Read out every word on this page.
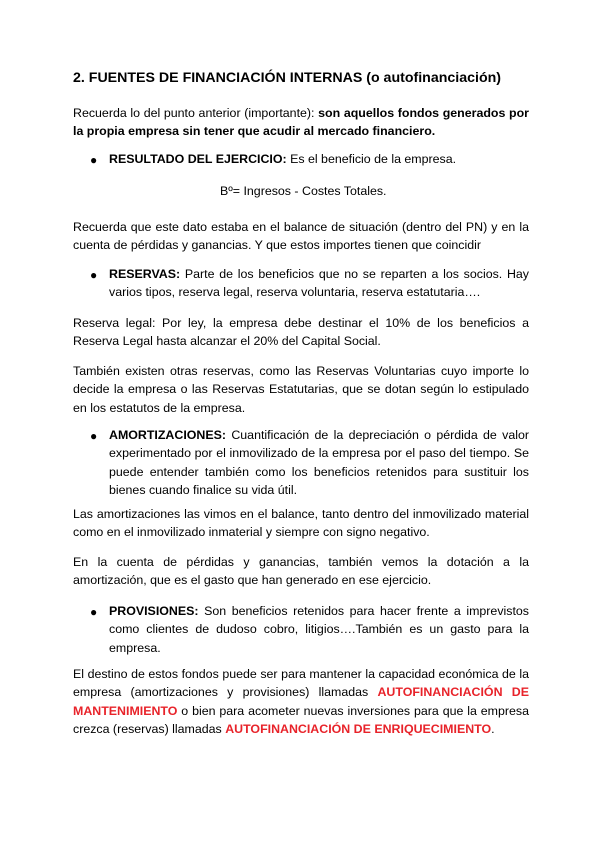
2. FUENTES DE FINANCIACIÓN INTERNAS (o autofinanciación)
Recuerda lo del punto anterior (importante): son aquellos fondos generados por la propia empresa sin tener que acudir al mercado financiero.
● RESULTADO DEL EJERCICIO: Es el beneficio de la empresa.
Bº= Ingresos - Costes Totales.
Recuerda que este dato estaba en el balance de situación (dentro del PN) y en la cuenta de pérdidas y ganancias. Y que estos importes tienen que coincidir
● RESERVAS: Parte de los beneficios que no se reparten a los socios. Hay varios tipos, reserva legal, reserva voluntaria, reserva estatutaria….
Reserva legal: Por ley, la empresa debe destinar el 10% de los beneficios a Reserva Legal hasta alcanzar el 20% del Capital Social.
También existen otras reservas, como las Reservas Voluntarias cuyo importe lo decide la empresa o las Reservas Estatutarias, que se dotan según lo estipulado en los estatutos de la empresa.
● AMORTIZACIONES: Cuantificación de la depreciación o pérdida de valor experimentado por el inmovilizado de la empresa por el paso del tiempo. Se puede entender también como los beneficios retenidos para sustituir los bienes cuando finalice su vida útil.
Las amortizaciones las vimos en el balance, tanto dentro del inmovilizado material como en el inmovilizado inmaterial y siempre con signo negativo.
En la cuenta de pérdidas y ganancias, también vemos la dotación a la amortización, que es el gasto que han generado en ese ejercicio.
● PROVISIONES: Son beneficios retenidos para hacer frente a imprevistos como clientes de dudoso cobro, litigios….También es un gasto para la empresa.
El destino de estos fondos puede ser para mantener la capacidad económica de la empresa (amortizaciones y provisiones) llamadas AUTOFINANCIACIÓN DE MANTENIMIENTO o bien para acometer nuevas inversiones para que la empresa crezca (reservas) llamadas AUTOFINANCIACIÓN DE ENRIQUECIMIENTO.
